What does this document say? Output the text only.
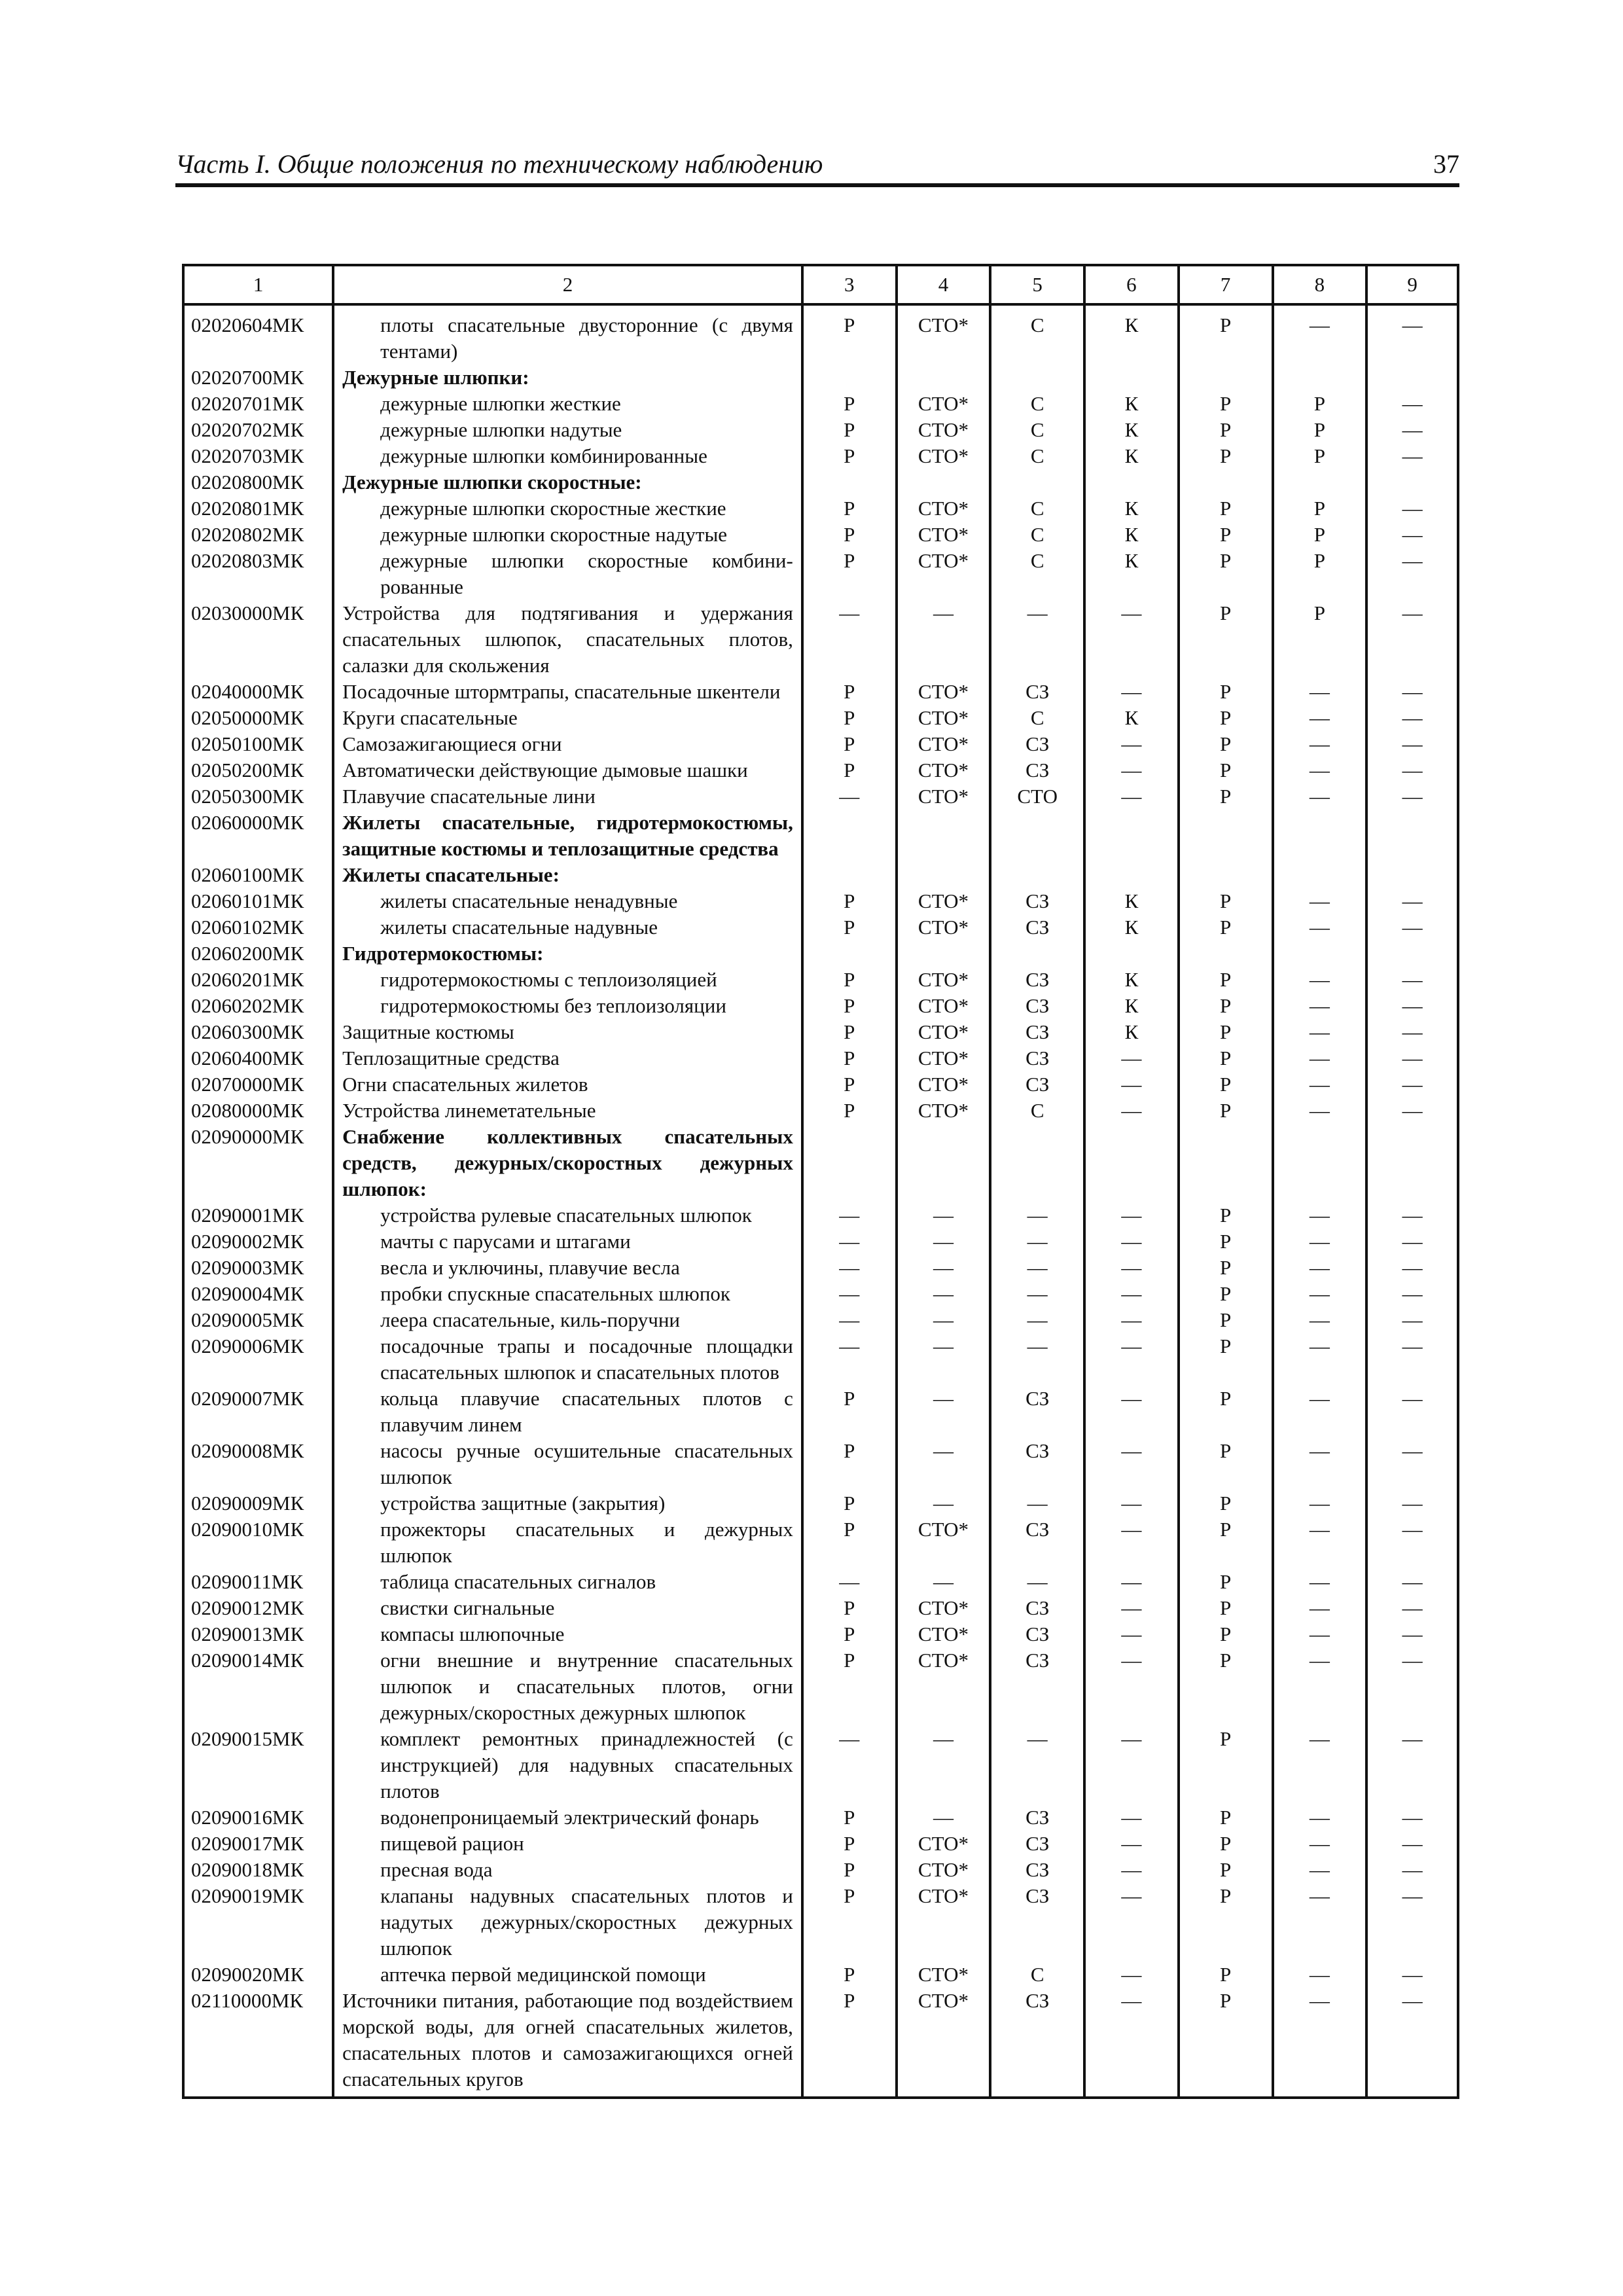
Часть I. Общие положения по техническому наблюдению	37
1	2	3	4	5	6	7	8	9
02020604МК	плоты спасательные двусторонние (с двумя тентами)	Р	СТО*	С	К	Р	—	—
02020700МК	Дежурные шлюпки:							
02020701МК	дежурные шлюпки жесткие	Р	СТО*	С	К	Р	Р	—
02020702МК	дежурные шлюпки надутые	Р	СТО*	С	К	Р	Р	—
02020703МК	дежурные шлюпки комбинированные	Р	СТО*	С	К	Р	Р	—
02020800МК	Дежурные шлюпки скоростные:							
02020801МК	дежурные шлюпки скоростные жесткие	Р	СТО*	С	К	Р	Р	—
02020802МК	дежурные шлюпки скоростные надутые	Р	СТО*	С	К	Р	Р	—
02020803МК	дежурные шлюпки скоростные комбинированные	Р	СТО*	С	К	Р	Р	—
02030000МК	Устройства для подтягивания и удержания спасательных шлюпок, спасательных плотов, салазки для скольжения	—	—	—	—	Р	Р	—
02040000МК	Посадочные штормтрапы, спасательные шкентели	Р	СТО*	СЗ	—	Р	—	—
02050000МК	Круги спасательные	Р	СТО*	С	К	Р	—	—
02050100МК	Самозажигающиеся огни	Р	СТО*	СЗ	—	Р	—	—
02050200МК	Автоматически действующие дымовые шашки	Р	СТО*	СЗ	—	Р	—	—
02050300МК	Плавучие спасательные лини	—	СТО*	СТО	—	Р	—	—
02060000МК	Жилеты спасательные, гидротермокостюмы, защитные костюмы и теплозащитные средства							
02060100МК	Жилеты спасательные:							
02060101МК	жилеты спасательные ненадувные	Р	СТО*	СЗ	К	Р	—	—
02060102МК	жилеты спасательные надувные	Р	СТО*	СЗ	К	Р	—	—
02060200МК	Гидротермокостюмы:							
02060201МК	гидротермокостюмы с теплоизоляцией	Р	СТО*	СЗ	К	Р	—	—
02060202МК	гидротермокостюмы без теплоизоляции	Р	СТО*	СЗ	К	Р	—	—
02060300МК	Защитные костюмы	Р	СТО*	СЗ	К	Р	—	—
02060400МК	Теплозащитные средства	Р	СТО*	СЗ	—	Р	—	—
02070000МК	Огни спасательных жилетов	Р	СТО*	СЗ	—	Р	—	—
02080000МК	Устройства линеметательные	Р	СТО*	С	—	Р	—	—
02090000МК	Снабжение коллективных спасательных средств, дежурных/скоростных дежурных шлюпок:							
02090001МК	устройства рулевые спасательных шлюпок	—	—	—	—	Р	—	—
02090002МК	мачты с парусами и штагами	—	—	—	—	Р	—	—
02090003МК	весла и уключины, плавучие весла	—	—	—	—	Р	—	—
02090004МК	пробки спускные спасательных шлюпок	—	—	—	—	Р	—	—
02090005МК	леера спасательные, киль-поручни	—	—	—	—	Р	—	—
02090006МК	посадочные трапы и посадочные площадки спасательных шлюпок и спасательных плотов	—	—	—	—	Р	—	—
02090007МК	кольца плавучие спасательных плотов с плавучим линем	Р	—	СЗ	—	Р	—	—
02090008МК	насосы ручные осушительные спасательных шлюпок	Р	—	СЗ	—	Р	—	—
02090009МК	устройства защитные (закрытия)	Р	—	—	—	Р	—	—
02090010МК	прожекторы спасательных и дежурных шлюпок	Р	СТО*	СЗ	—	Р	—	—
02090011МК	таблица спасательных сигналов	—	—	—	—	Р	—	—
02090012МК	свистки сигнальные	Р	СТО*	СЗ	—	Р	—	—
02090013МК	компасы шлюпочные	Р	СТО*	СЗ	—	Р	—	—
02090014МК	огни внешние и внутренние спасательных шлюпок и спасательных плотов, огни дежурных/скоростных дежурных шлюпок	Р	СТО*	СЗ	—	Р	—	—
02090015МК	комплект ремонтных принадлежностей (с инструкцией) для надувных спасательных плотов	—	—	—	—	Р	—	—
02090016МК	водонепроницаемый электрический фонарь	Р	—	СЗ	—	Р	—	—
02090017МК	пищевой рацион	Р	СТО*	СЗ	—	Р	—	—
02090018МК	пресная вода	Р	СТО*	СЗ	—	Р	—	—
02090019МК	клапаны надувных спасательных плотов и надутых дежурных/скоростных дежурных шлюпок	Р	СТО*	СЗ	—	Р	—	—
02090020МК	аптечка первой медицинской помощи	Р	СТО*	С	—	Р	—	—
02110000МК	Источники питания, работающие под воздействием морской воды, для огней спасательных жилетов, спасательных плотов и самозажигающихся огней спасательных кругов	Р	СТО*	СЗ	—	Р	—	—
